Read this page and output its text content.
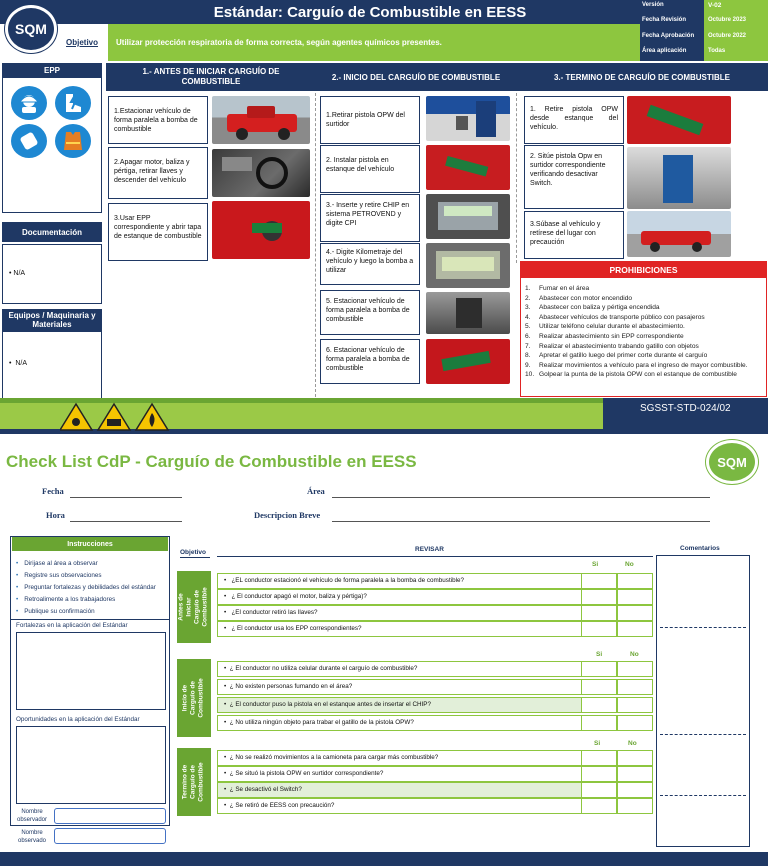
SQM
Estándar: Carguío de Combustible en EESS
Objetivo Utilizar protección respiratoria de forma correcta, según agentes químicos presentes.
Versión	V-02
Fecha Revisión	Octubre 2023
Fecha Aprobación Octubre 2022
Área aplicación	Todas
EPP
Documentación
• N/A
Equipos / Maquinaria y Materiales
•  N/A
1.- ANTES DE INICIAR CARGUÍO DE COMBUSTIBLE	2.- INICIO DEL CARGUÍO DE COMBUSTIBLE	3.- TERMINO DE CARGUÍO DE COMBUSTIBLE
1.Estacionar vehículo de forma paralela a bomba de combustible
2.Apagar motor, baliza y pértiga, retirar llaves y descender del vehículo
3.Usar EPP correspondiente y abrir tapa de estanque de combustible
1.Retirar pistola OPW del surtidor
2. Instalar pistola en estanque del vehículo
3.- Inserte y retire CHIP en sistema PETROVEND y digite CPI
4.- Digite Kilometraje del vehículo y luego la bomba a utilizar
5. Estacionar vehículo de forma paralela a bomba de combustible
6. Estacionar vehículo de forma paralela a bomba de combustible
1. Retire pistola OPW desde estanque del vehículo.
2. Sitúe pistola Opw en surtidor correspondiente verificando desactivar Switch.
3.Súbase al vehículo y retírese del lugar con precaución
PROHIBICIONES
1. Fumar en el área
2. Abastecer con motor encendido
3. Abastecer con baliza y pértiga encendida
4. Abastecer vehículos de transporte público con pasajeros
5. Utilizar teléfono celular durante el abastecimiento.
6. Realizar abastecimiento sin EPP correspondiente
7. Realizar el abastecimiento trabando gatillo con objetos
8. Apretar el gatillo luego del primer corte durante el carguío
9.	Realizar movimientos a vehículo para el ingreso de mayor combustible.
10. Golpear la punta de la pistola OPW con el estanque de combustible
SGSST-STD-024/02
Check List CdP - Carguío de Combustible en EESS	SQM
Fecha
Hora
Área
Descripcion Breve
Instrucciones
• Dirijase al área a observar
• Registre sus observaciones
• Preguntar fortalezas y debilidades del estándar
• Retroalimente a los trabajadores
• Publique su confirmación
Fortalezas en la aplicación del Estándar
Oportunidades en la aplicación del Estándar
Nombre observador
Nombre observado
Objetivo	REVISAR	Comentarios
Si	No
Antes de Iniciar Carguío de Combustible
•   ¿EL conductor estacionó el vehículo de forma paralela a la bomba de combustible?
•   ¿ El conductor apagó el motor, baliza y pértiga)?
•   ¿El conductor retiró las llaves?
•   ¿ El conductor usa los EPP correspondientes?
Si	No
Inicio de Carguío de Combustible
•  ¿ El conductor no utiliza celular durante el carguío de combustible?
•  ¿ No existen personas fumando en el área?
•  ¿ El conductor puso la pistola en el estanque antes de insertar el CHIP?
•  ¿ No utiliza ningún objeto para trabar el gatillo de la pistola OPW?
Si	No
Termino de Carguío de Combustible
•  ¿ No se realizó movimientos a la camioneta para cargar más combustible?
•  ¿ Se situó la pistola OPW en surtidor correspondiente?
•  ¿ Se desactivó el Switch?
•  ¿ Se retiró de EESS con precaución?
